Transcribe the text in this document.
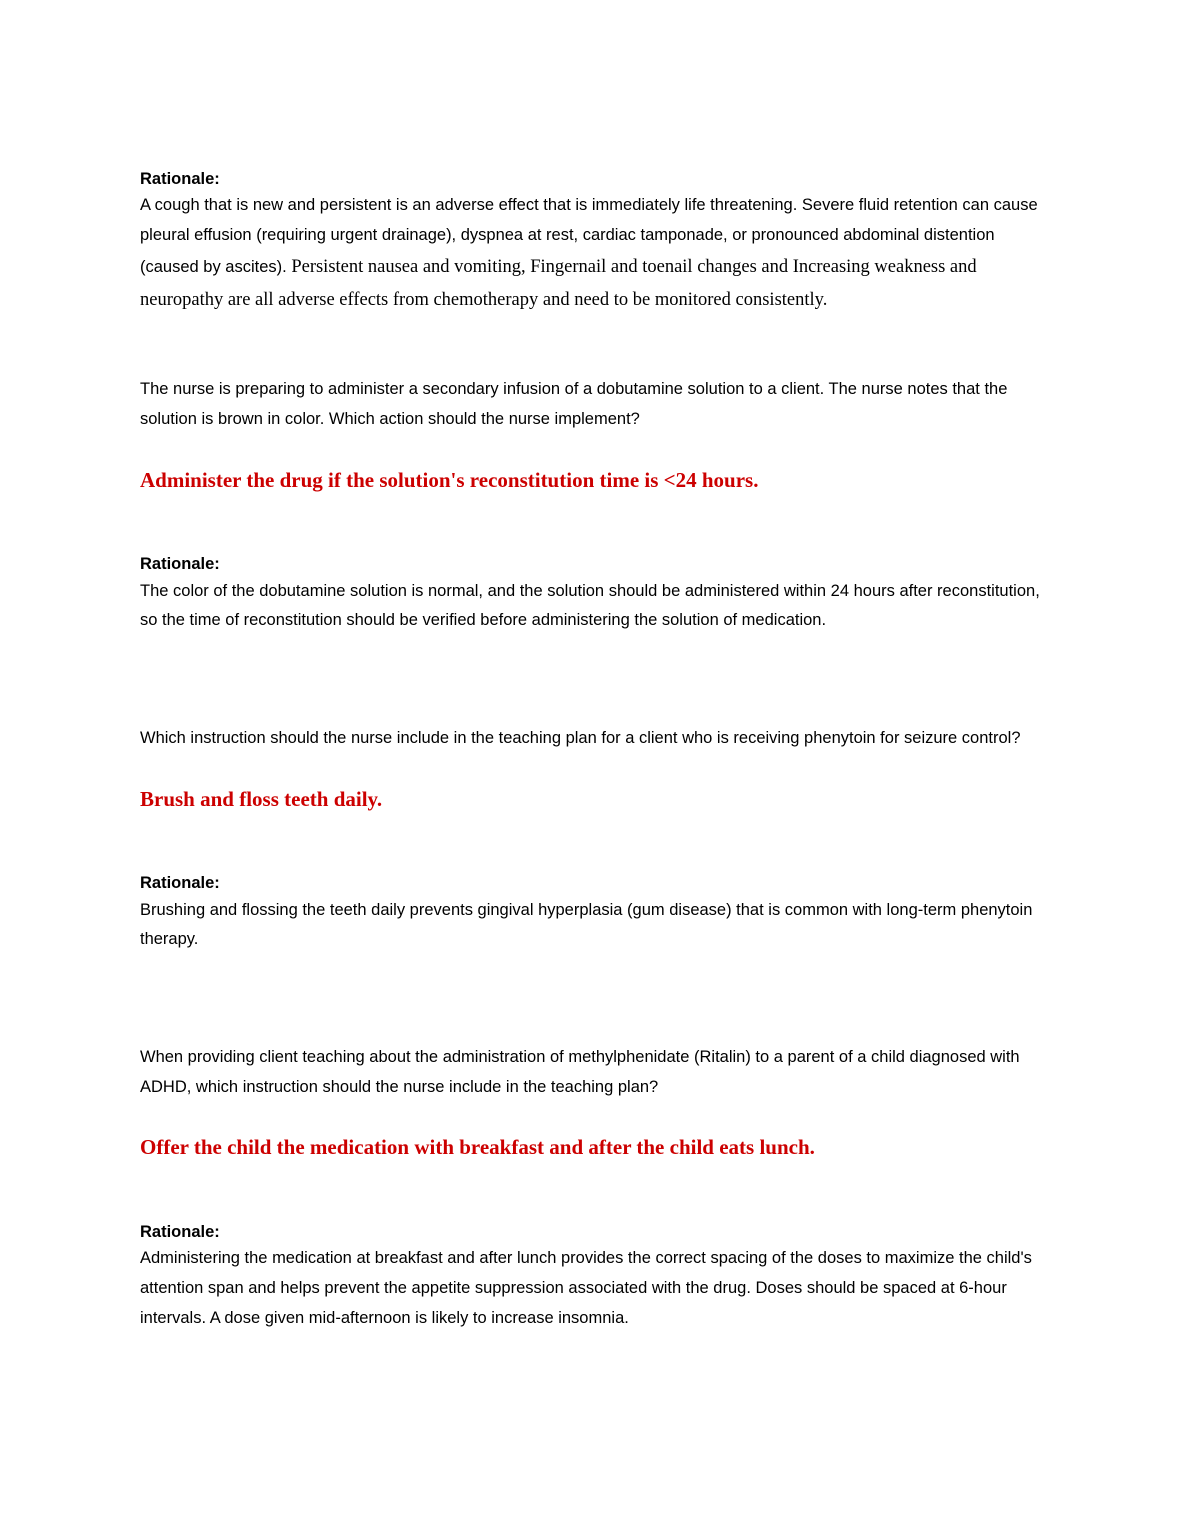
Rationale:

A cough that is new and persistent is an adverse effect that is immediately life threatening. Severe fluid retention can cause pleural effusion (requiring urgent drainage), dyspnea at rest, cardiac tamponade, or pronounced abdominal distention (caused by ascites). Persistent nausea and vomiting, Fingernail and toenail changes and Increasing weakness and neuropathy are all adverse effects from chemotherapy and need to be monitored consistently.

The nurse is preparing to administer a secondary infusion of a dobutamine solution to a client. The nurse notes that the solution is brown in color. Which action should the nurse implement?

Administer the drug if the solution's reconstitution time is <24 hours.

Rationale:

The color of the dobutamine solution is normal, and the solution should be administered within 24 hours after reconstitution, so the time of reconstitution should be verified before administering the solution of medication.

Which instruction should the nurse include in the teaching plan for a client who is receiving phenytoin for seizure control?

Brush and floss teeth daily.

Rationale:

Brushing and flossing the teeth daily prevents gingival hyperplasia (gum disease) that is common with long-term phenytoin therapy.

When providing client teaching about the administration of methylphenidate (Ritalin) to a parent of a child diagnosed with ADHD, which instruction should the nurse include in the teaching plan?

Offer the child the medication with breakfast and after the child eats lunch.

Rationale:

Administering the medication at breakfast and after lunch provides the correct spacing of the doses to maximize the child's attention span and helps prevent the appetite suppression associated with the drug. Doses should be spaced at 6-hour intervals. A dose given mid-afternoon is likely to increase insomnia.
